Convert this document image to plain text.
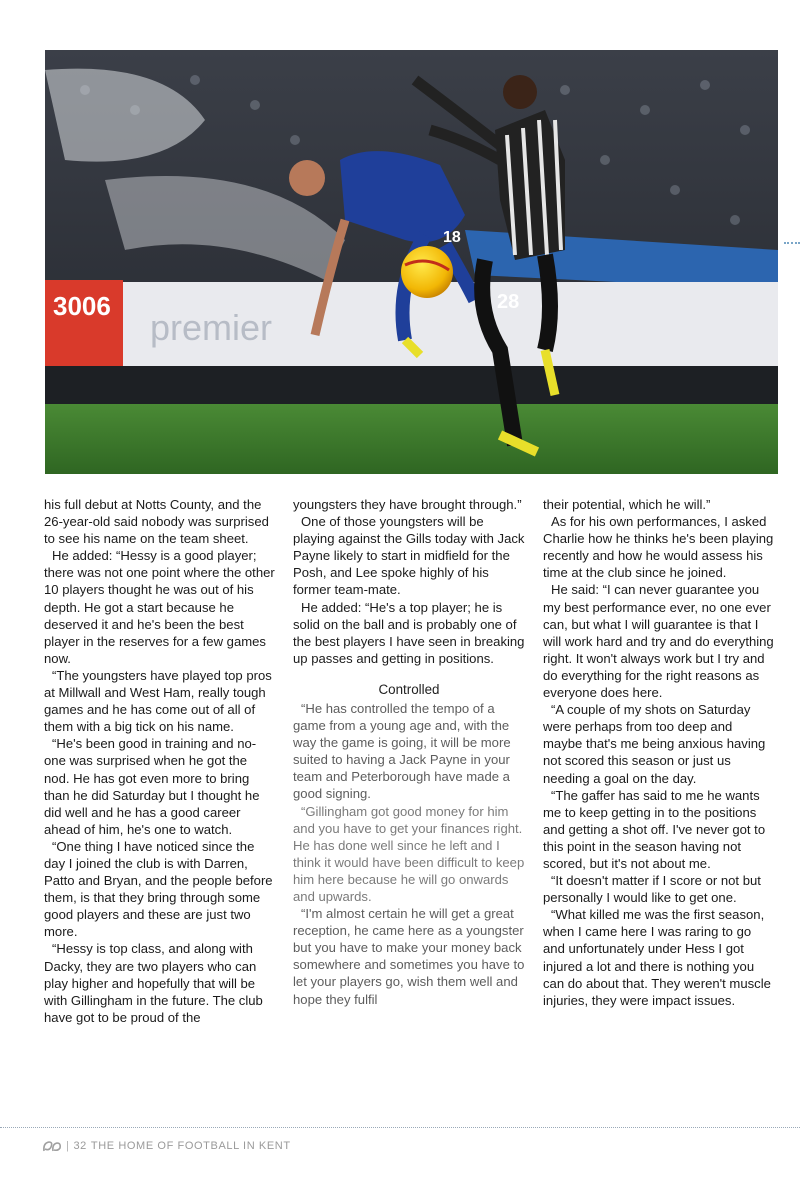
3006
premier
18
28

his full debut at Notts County, and the 26-year-old said nobody was surprised to see his name on the team sheet.

He added: “Hessy is a good player; there was not one point where the other 10 players thought he was out of his depth. He got a start because he deserved it and he's been the best player in the reserves for a few games now.

“The youngsters have played top pros at Millwall and West Ham, really tough games and he has come out of all of them with a big tick on his name.

“He's been good in training and no-one was surprised when he got the nod. He has got even more to bring than he did Saturday but I thought he did well and he has a good career ahead of him, he's one to watch.

“One thing I have noticed since the day I joined the club is with Darren, Patto and Bryan, and the people before them, is that they bring through some good players and these are just two more.

“Hessy is top class, and along with Dacky, they are two players who can play higher and hopefully that will be with Gillingham in the future. The club have got to be proud of the

youngsters they have brought through.”

One of those youngsters will be playing against the Gills today with Jack Payne likely to start in midfield for the Posh, and Lee spoke highly of his former team-mate.

He added: “He's a top player; he is solid on the ball and is probably one of the best players I have seen in breaking up passes and getting in positions.

Controlled

“He has controlled the tempo of a game from a young age and, with the way the game is going, it will be more suited to having a Jack Payne in your team and Peterborough have made a good signing.

“Gillingham got good money for him and you have to get your finances right. He has done well since he left and I think it would have been difficult to keep him here because he will go onwards and upwards.

“I'm almost certain he will get a great reception, he came here as a youngster but you have to make your money back somewhere and sometimes you have to let your players go, wish them well and hope they fulfil

their potential, which he will.”

As for his own performances, I asked Charlie how he thinks he's been playing recently and how he would assess his time at the club since he joined.

He said: “I can never guarantee you my best performance ever, no one ever can, but what I will guarantee is that I will work hard and try and do everything right. It won't always work but I try and do everything for the right reasons as everyone does here.

“A couple of my shots on Saturday were perhaps from too deep and maybe that's me being anxious having not scored this season or just us needing a goal on the day.

“The gaffer has said to me he wants me to keep getting in to the positions and getting a shot off. I've never got to this point in the season having not scored, but it's not about me.

“It doesn't matter if I score or not but personally I would like to get one.

“What killed me was the first season, when I came here I was raring to go and unfortunately under Hess I got injured a lot and there is nothing you can do about that. They weren't muscle injuries, they were impact issues.

| 32 THE HOME OF FOOTBALL IN KENT
